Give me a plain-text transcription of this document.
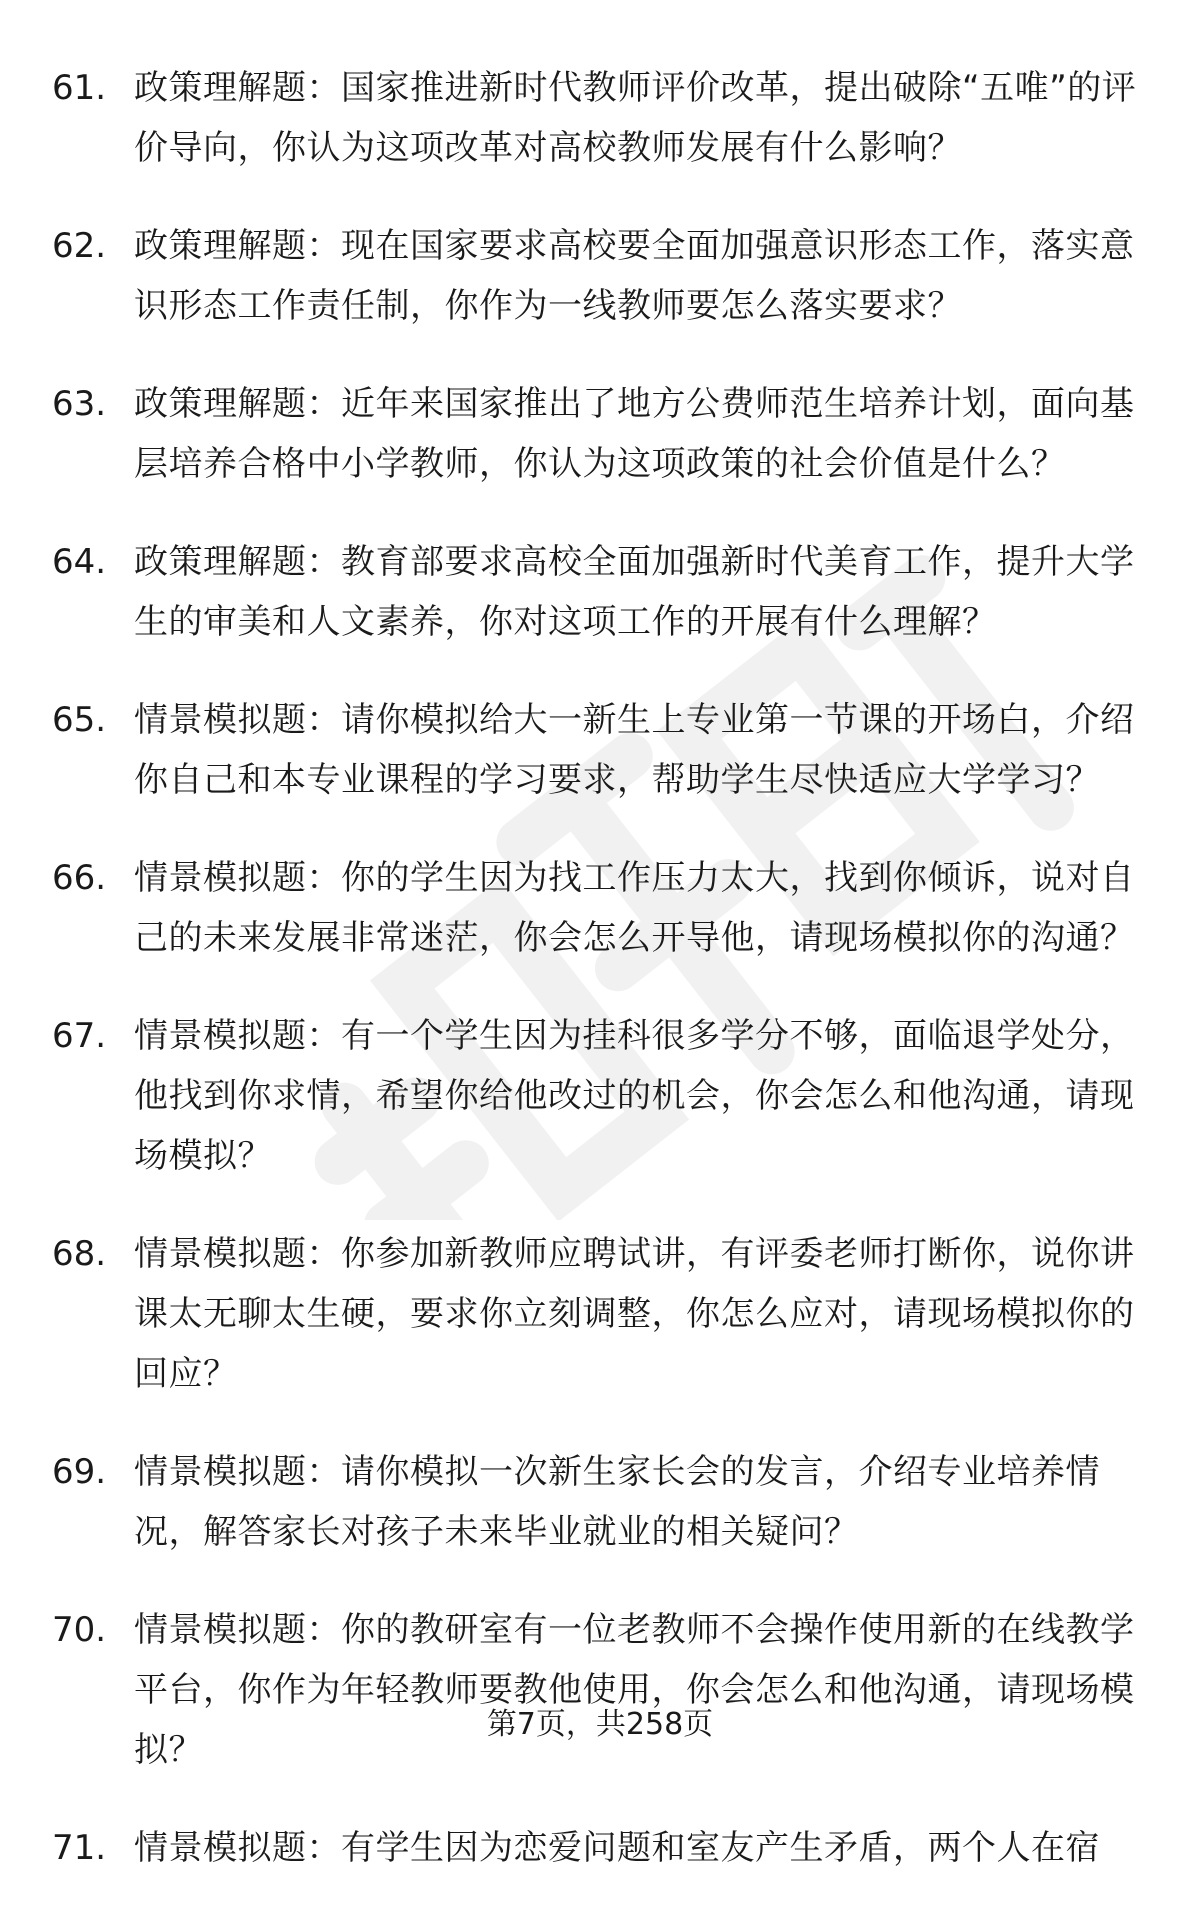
61. 政策理解题：国家推进新时代教师评价改革，提出破除“五唯”的评价导向，你认为这项改革对高校教师发展有什么影响？
62. 政策理解题：现在国家要求高校要全面加强意识形态工作，落实意识形态工作责任制，你作为一线教师要怎么落实要求？
63. 政策理解题：近年来国家推出了地方公费师范生培养计划，面向基层培养合格中小学教师，你认为这项政策的社会价值是什么？
64. 政策理解题：教育部要求高校全面加强新时代美育工作，提升大学生的审美和人文素养，你对这项工作的开展有什么理解？
65. 情景模拟题：请你模拟给大一新生上专业第一节课的开场白，介绍你自己和本专业课程的学习要求，帮助学生尽快适应大学学习？
66. 情景模拟题：你的学生因为找工作压力太大，找到你倾诉，说对自己的未来发展非常迷茫，你会怎么开导他，请现场模拟你的沟通？
67. 情景模拟题：有一个学生因为挂科很多学分不够，面临退学处分，他找到你求情，希望你给他改过的机会，你会怎么和他沟通，请现场模拟？
68. 情景模拟题：你参加新教师应聘试讲，有评委老师打断你，说你讲课太无聊太生硬，要求你立刻调整，你怎么应对，请现场模拟你的回应？
69. 情景模拟题：请你模拟一次新生家长会的发言，介绍专业培养情况，解答家长对孩子未来毕业就业的相关疑问？
70. 情景模拟题：你的教研室有一位老教师不会操作使用新的在线教学平台，你作为年轻教师要教他使用，你会怎么和他沟通，请现场模拟？
71. 情景模拟题：有学生因为恋爱问题和室友产生矛盾，两个人在宿
第7页，共258页
